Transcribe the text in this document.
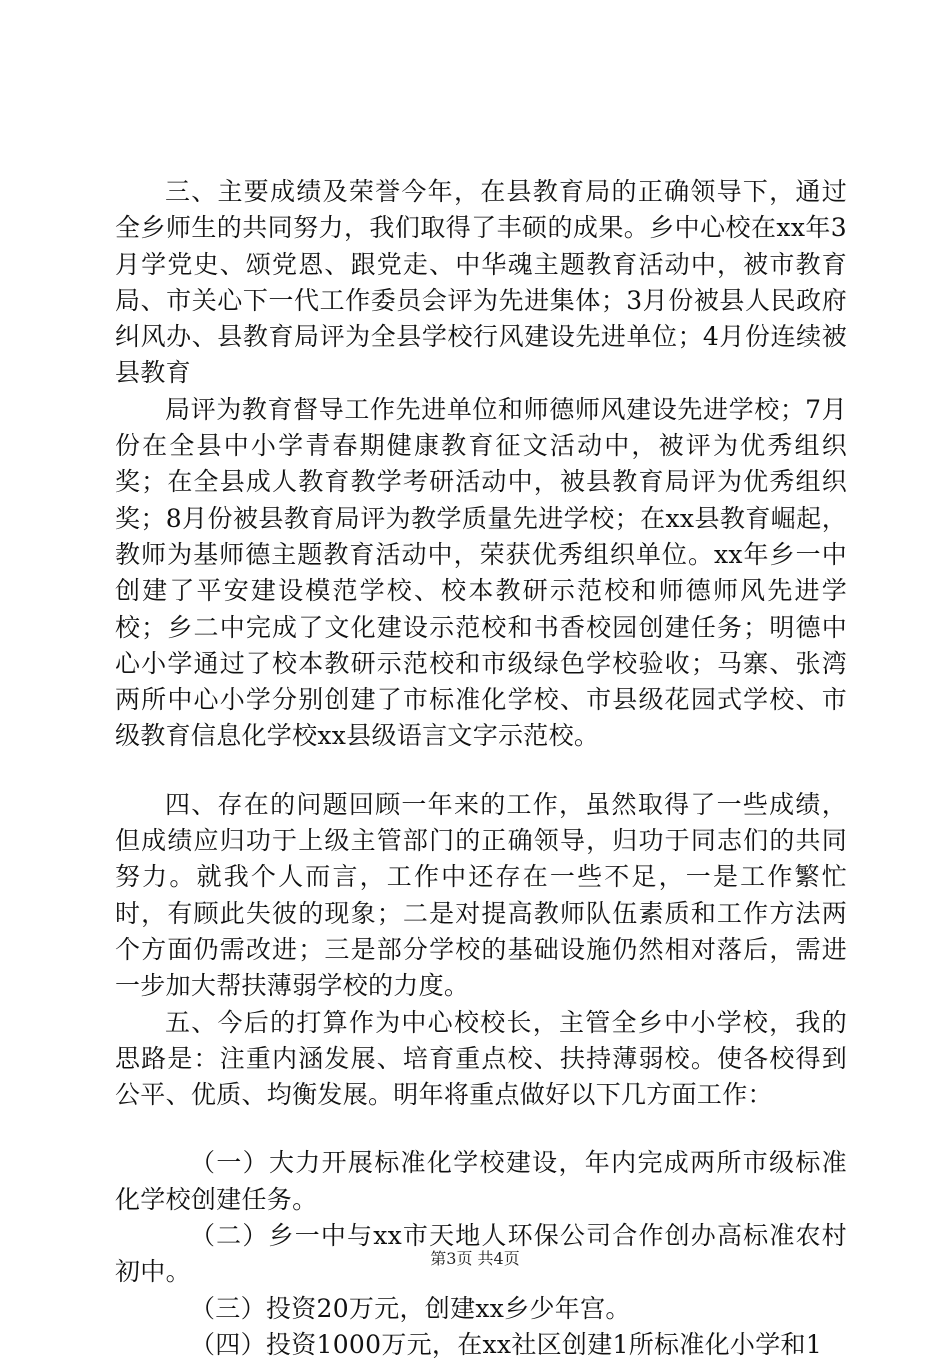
三、主要成绩及荣誉今年，在县教育局的正确领导下，通过全乡师生的共同努力，我们取得了丰硕的成果。乡中心校在xx年3月学党史、颂党恩、跟党走、中华魂主题教育活动中，被市教育局、市关心下一代工作委员会评为先进集体；3月份被县人民政府纠风办、县教育局评为全县学校行风建设先进单位；4月份连续被县教育

局评为教育督导工作先进单位和师德师风建设先进学校；7月份在全县中小学青春期健康教育征文活动中，被评为优秀组织奖；在全县成人教育教学考研活动中，被县教育局评为优秀组织奖；8月份被县教育局评为教学质量先进学校；在xx县教育崛起，教师为基师德主题教育活动中，荣获优秀组织单位。xx年乡一中创建了平安建设模范学校、校本教研示范校和师德师风先进学校；乡二中完成了文化建设示范校和书香校园创建任务；明德中心小学通过了校本教研示范校和市级绿色学校验收；马寨、张湾两所中心小学分别创建了市标准化学校、市县级花园式学校、市级教育信息化学校xx县级语言文字示范校。

四、存在的问题回顾一年来的工作，虽然取得了一些成绩，但成绩应归功于上级主管部门的正确领导，归功于同志们的共同努力。就我个人而言，工作中还存在一些不足，一是工作繁忙时，有顾此失彼的现象；二是对提高教师队伍素质和工作方法两个方面仍需改进；三是部分学校的基础设施仍然相对落后，需进一步加大帮扶薄弱学校的力度。

五、今后的打算作为中心校校长，主管全乡中小学校，我的思路是：注重内涵发展、培育重点校、扶持薄弱校。使各校得到公平、优质、均衡发展。明年将重点做好以下几方面工作：

（一）大力开展标准化学校建设，年内完成两所市级标准化学校创建任务。

（二）乡一中与xx市天地人环保公司合作创办高标准农村初中。

（三）投资20万元，创建xx乡少年宫。

（四）投资1000万元，在xx社区创建1所标准化小学和1

第3页 共4页
